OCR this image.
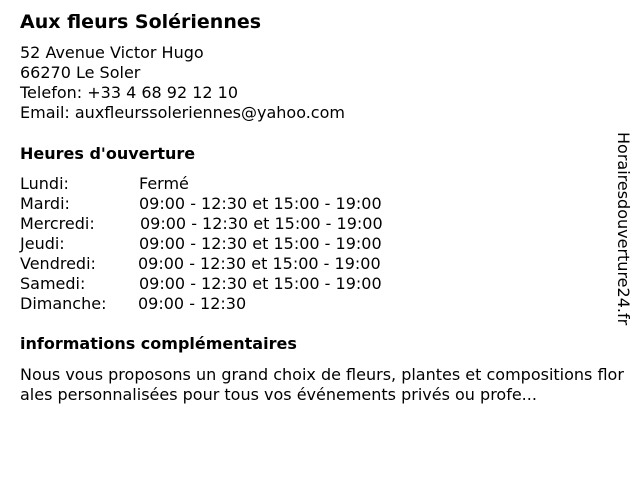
Aux fleurs Solériennes
52 Avenue Victor Hugo
66270 Le Soler
Telefon: +33 4 68 92 12 10
Email: auxfleurssoleriennes@yahoo.com
Heures d'ouverture
Lundi:	Fermé
Mardi:	09:00 - 12:30 et 15:00 - 19:00
Mercredi:	09:00 - 12:30 et 15:00 - 19:00
Jeudi:	09:00 - 12:30 et 15:00 - 19:00
Vendredi:	09:00 - 12:30 et 15:00 - 19:00
Samedi:	09:00 - 12:30 et 15:00 - 19:00
Dimanche: 09:00 - 12:30
informations complémentaires
Nous vous proposons un grand choix de fleurs, plantes et compositions florales personnalisées pour tous vos événements privés ou profe...
Horairesdouverture24.fr
